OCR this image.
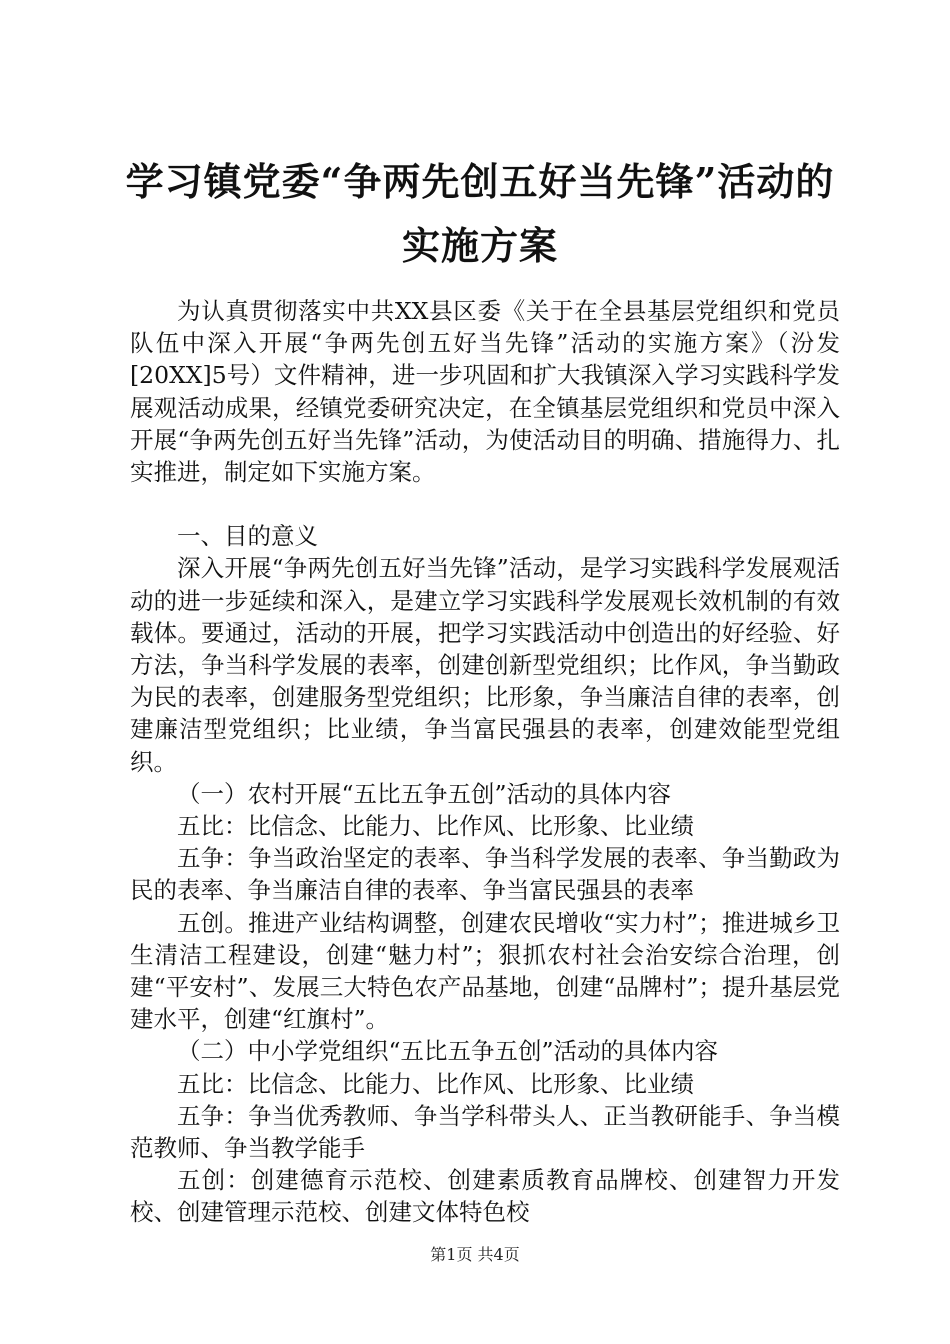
学习镇党委“争两先创五好当先锋”活动的实施方案

为认真贯彻落实中共XX县区委《关于在全县基层党组织和党员队伍中深入开展“争两先创五好当先锋”活动的实施方案》（汾发[20XX]5号）文件精神，进一步巩固和扩大我镇深入学习实践科学发展观活动成果，经镇党委研究决定，在全镇基层党组织和党员中深入开展“争两先创五好当先锋”活动，为使活动目的明确、措施得力、扎实推进，制定如下实施方案。

一、目的意义

深入开展“争两先创五好当先锋”活动，是学习实践科学发展观活动的进一步延续和深入，是建立学习实践科学发展观长效机制的有效载体。要通过，活动的开展，把学习实践活动中创造出的好经验、好方法，争当科学发展的表率，创建创新型党组织；比作风，争当勤政为民的表率，创建服务型党组织；比形象，争当廉洁自律的表率，创建廉洁型党组织；比业绩，争当富民强县的表率，创建效能型党组织。

（一）农村开展“五比五争五创”活动的具体内容

五比：比信念、比能力、比作风、比形象、比业绩

五争：争当政治坚定的表率、争当科学发展的表率、争当勤政为民的表率、争当廉洁自律的表率、争当富民强县的表率

五创。推进产业结构调整，创建农民增收“实力村”；推进城乡卫生清洁工程建设，创建“魅力村”；狠抓农村社会治安综合治理，创建“平安村”、发展三大特色农产品基地，创建“品牌村”；提升基层党建水平，创建“红旗村”。

（二）中小学党组织“五比五争五创”活动的具体内容

五比：比信念、比能力、比作风、比形象、比业绩

五争：争当优秀教师、争当学科带头人、正当教研能手、争当模范教师、争当教学能手

五创：创建德育示范校、创建素质教育品牌校、创建智力开发校、创建管理示范校、创建文体特色校

第1页 共4页
